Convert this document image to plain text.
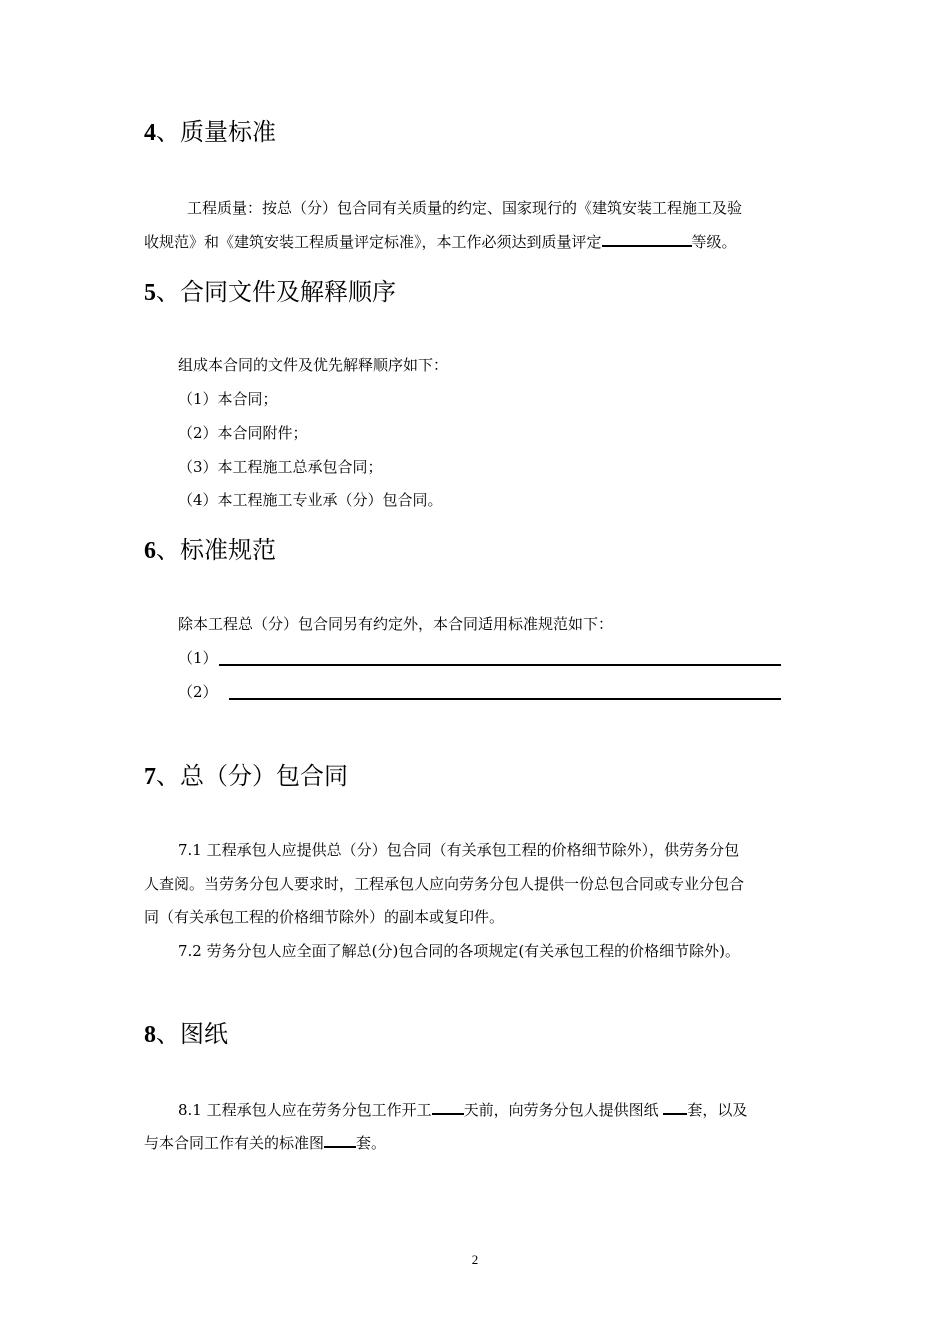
4、质量标准
工程质量：按总（分）包合同有关质量的约定、国家现行的《建筑安装工程施工及验
收规范》和《建筑安装工程质量评定标准》，本工作必须达到质量评定	等级。
5、合同文件及解释顺序
组成本合同的文件及优先解释顺序如下：
（1）本合同；
（2）本合同附件；
（3）本工程施工总承包合同；
（4）本工程施工专业承（分）包合同。
6、标准规范
除本工程总（分）包合同另有约定外，本合同适用标准规范如下：
（1）
（2）
7、总（分）包合同
7.1 工程承包人应提供总（分）包合同（有关承包工程的价格细节除外），供劳务分包
人查阅。当劳务分包人要求时，工程承包人应向劳务分包人提供一份总包合同或专业分包合
同（有关承包工程的价格细节除外）的副本或复印件。
7.2 劳务分包人应全面了解总(分)包合同的各项规定(有关承包工程的价格细节除外)。
8、图纸
8.1 工程承包人应在劳务分包工作开工 天前，向劳务分包人提供图纸 套，以及
与本合同工作有关的标准图 套。
2
